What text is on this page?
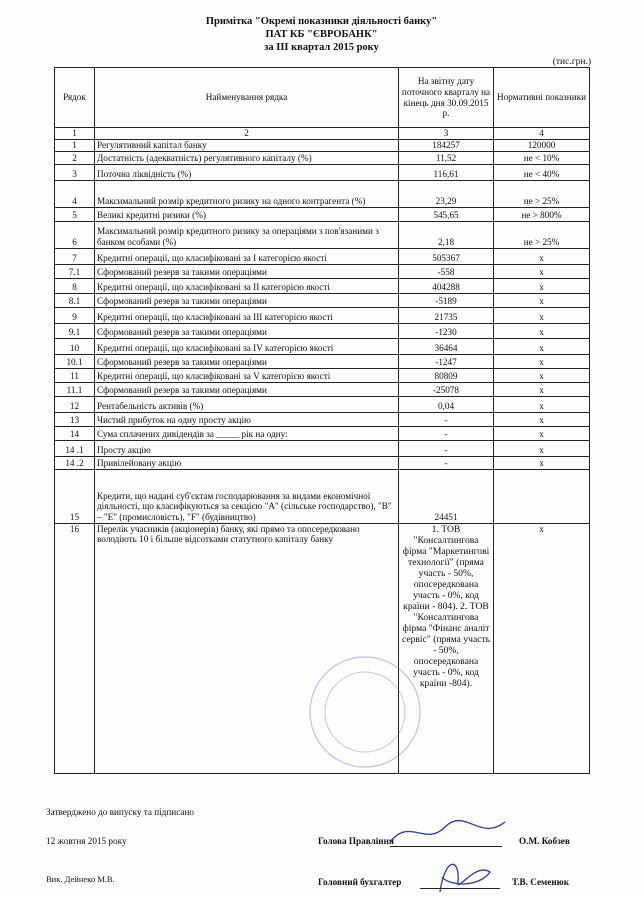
Примітка "Окремі показники діяльності банку"
ПАТ КБ "ЄВРОБАНК"
за ІІІ квартал 2015 року
(тис.грн.)
Рядок	Найменування рядка	На звітну дату поточного кварталу на кінець дня 30.09.2015 р.	Нормативні показники
1	2	3	4
1	Регулятивний капітал банку	184257	120000
2	Достатність (адекватність) регулятивного капіталу (%)	11,52	не < 10%
3	Поточна ліквідність (%)	116,61	не < 40%
4	Максимальний розмір кредитного ризику на одного контрагента (%)	23,29	не > 25%
5	Великі кредитні ризики (%)	545,65	не > 800%
6	Максимальний розмір кредитного ризику за операціями з пов'язаними з банком особами (%)	2,18	не > 25%
7	Кредитні операції, що класифіковані за І категорією якості	505367	x
7.1	Сформований резерв за такими операціями	-558	x
8	Кредитні операції, що класифіковані за ІІ категорією якості	404288	x
8.1	Сформований резерв за такими операціями	-5189	x
9	Кредитні операції, що класифіковані за ІІІ категорією якості	21735	x
9.1	Сформований резерв за такими операціями	-1230	x
10	Кредитні операції, що класифіковані за ІV категорією якості	36464	x
10.1	Сформований резерв за такими операціями	-1247	x
11	Кредитні операції, що класифіковані за V категорією якості	80809	x
11.1	Сформований резерв за такими операціями	-25078	x
12	Рентабельність активів (%)	0,04	x
13	Чистий прибуток на одну просту акцію	-	x
14	Сума сплачених дивідендів за _____ рік на одну:	-	x
14 .1	Просту акцію	-	x
14 .2	Привілейовану акцію	-	x
15	Кредити, що надані суб'єктам господарювання за видами економічної діяльності, що класифікуються за секцією "А" (сільське господарство), "В" – "Е" (промисловість), "F" (будівництво)	24451	
16	Перелік учасників (акціонерів) банку, які прямо та опосередковано володіють 10 і більше відсотками статутного капіталу банку	1. ТОВ "Консалтингова фірма "Маркетингові технології" (пряма участь - 50%, опосередкована участь - 0%, код країни - 804). 2. ТОВ "Консалтингова фірма "Фінанс аналіт сервіс" (пряма участь - 50%, опосередкована участь - 0%, код країни -804).	x
Затверджено до випуску та підписано
12 жовтня 2015 року	Голова Правління	О.М. Кобзев
Вик. Дейнеко М.В.	Головний бухгалтер	Т.В. Семенюк
